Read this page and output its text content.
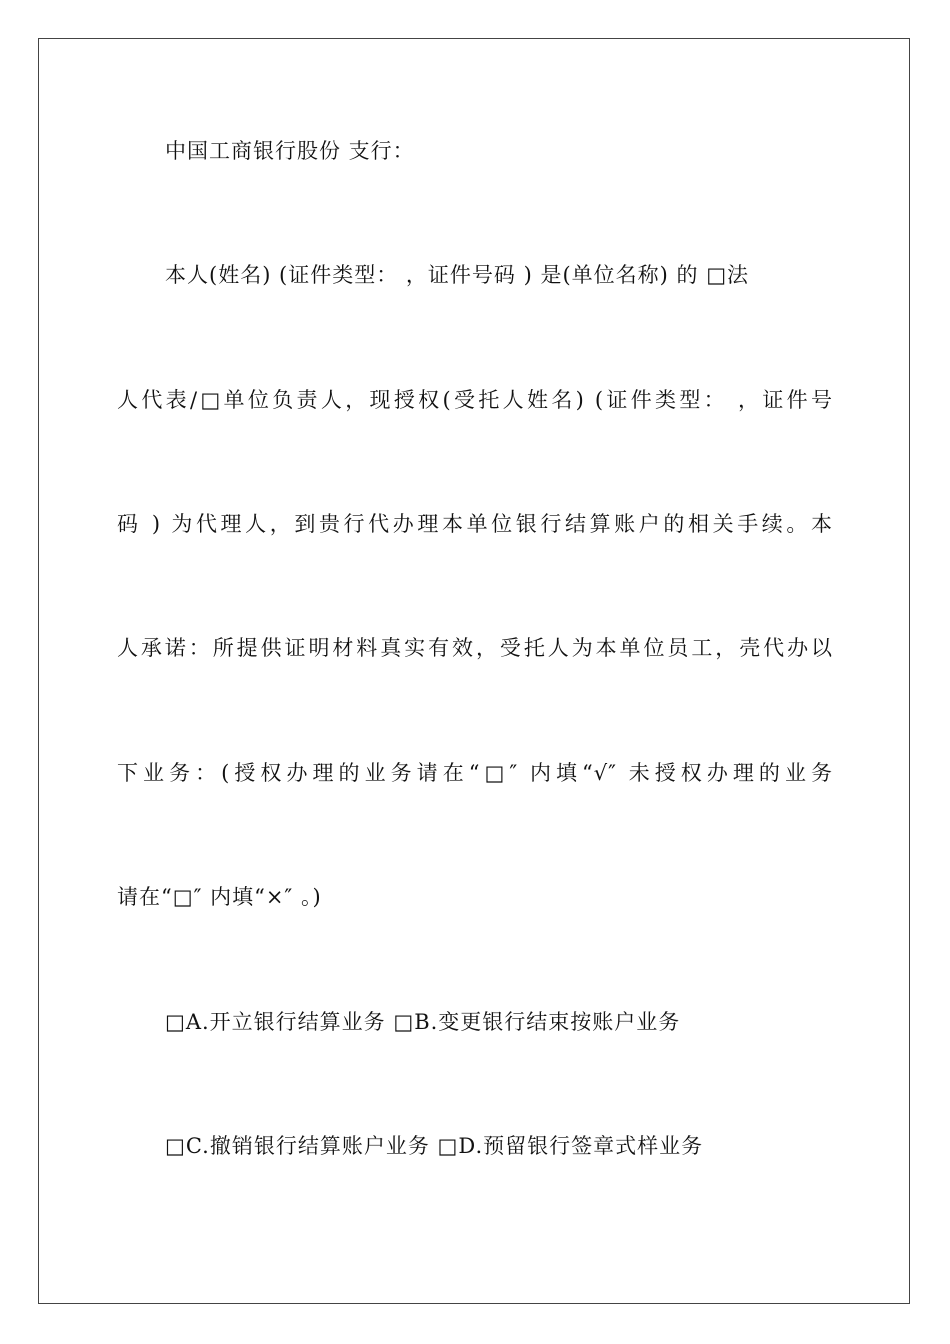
中国工商银行股份 支行：
本人(姓名) (证件类型： ，证件号码 ) 是(单位名称) 的 □法
人代表/□单位负责人，现授权(受托人姓名) (证件类型： ，证件号
码 ) 为代理人，到贵行代办理本单位银行结算账户的相关手续。本
人承诺：所提供证明材料真实有效，受托人为本单位员工，壳代办以
下业务：(授权办理的业务请在“□″ 内填“√″ 未授权办理的业务
请在“□″ 内填“×″ 。)
□A.开立银行结算业务 □B.变更银行结束按账户业务
□C.撤销银行结算账户业务 □D.预留银行签章式样业务
